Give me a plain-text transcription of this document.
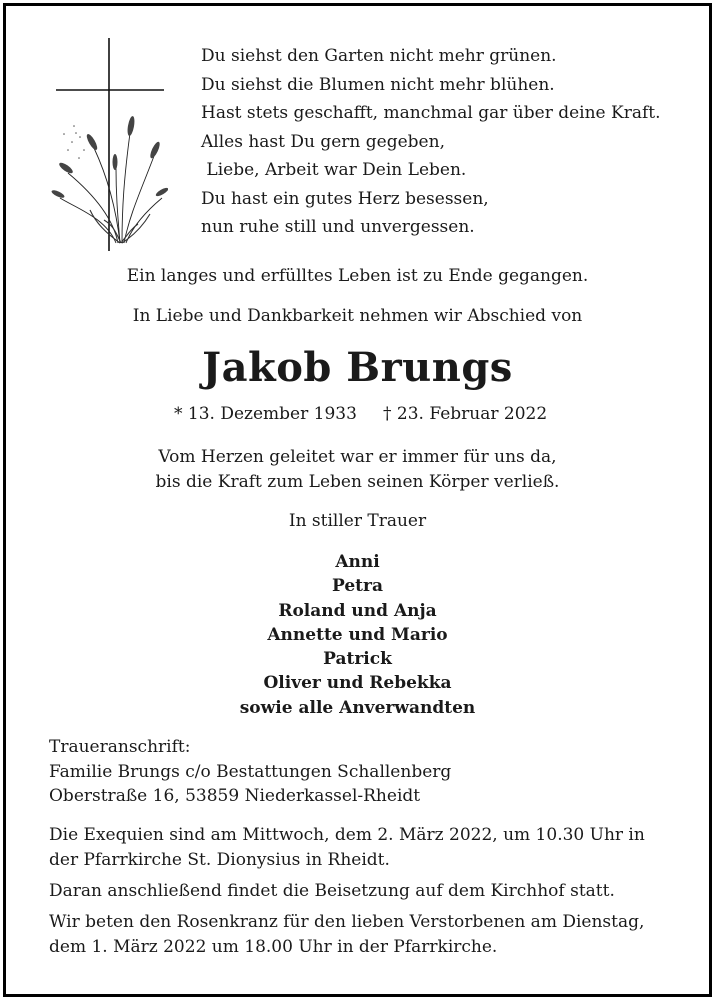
Du siehst den Garten nicht mehr grünen.
Du siehst die Blumen nicht mehr blühen.
Hast stets geschafft, manchmal gar über deine Kraft.
Alles hast Du gern gegeben,
Liebe, Arbeit war Dein Leben.
Du hast ein gutes Herz besessen,
nun ruhe still und unvergessen.
Ein langes und erfülltes Leben ist zu Ende gegangen.
In Liebe und Dankbarkeit nehmen wir Abschied von
Jakob Brungs
* 13. Dezember 1933 † 23. Februar 2022
Vom Herzen geleitet war er immer für uns da,
bis die Kraft zum Leben seinen Körper verließ.
In stiller Trauer
Anni
Petra
Roland und Anja
Annette und Mario
Patrick
Oliver und Rebekka
sowie alle Anverwandten
Traueranschrift:
Familie Brungs c/o Bestattungen Schallenberg
Oberstraße 16, 53859 Niederkassel-Rheidt
Die Exequien sind am Mittwoch, dem 2. März 2022, um 10.30 Uhr in der Pfarrkirche St. Dionysius in Rheidt.
Daran anschließend findet die Beisetzung auf dem Kirchhof statt.
Wir beten den Rosenkranz für den lieben Verstorbenen am Dienstag, dem 1. März 2022 um 18.00 Uhr in der Pfarrkirche.
